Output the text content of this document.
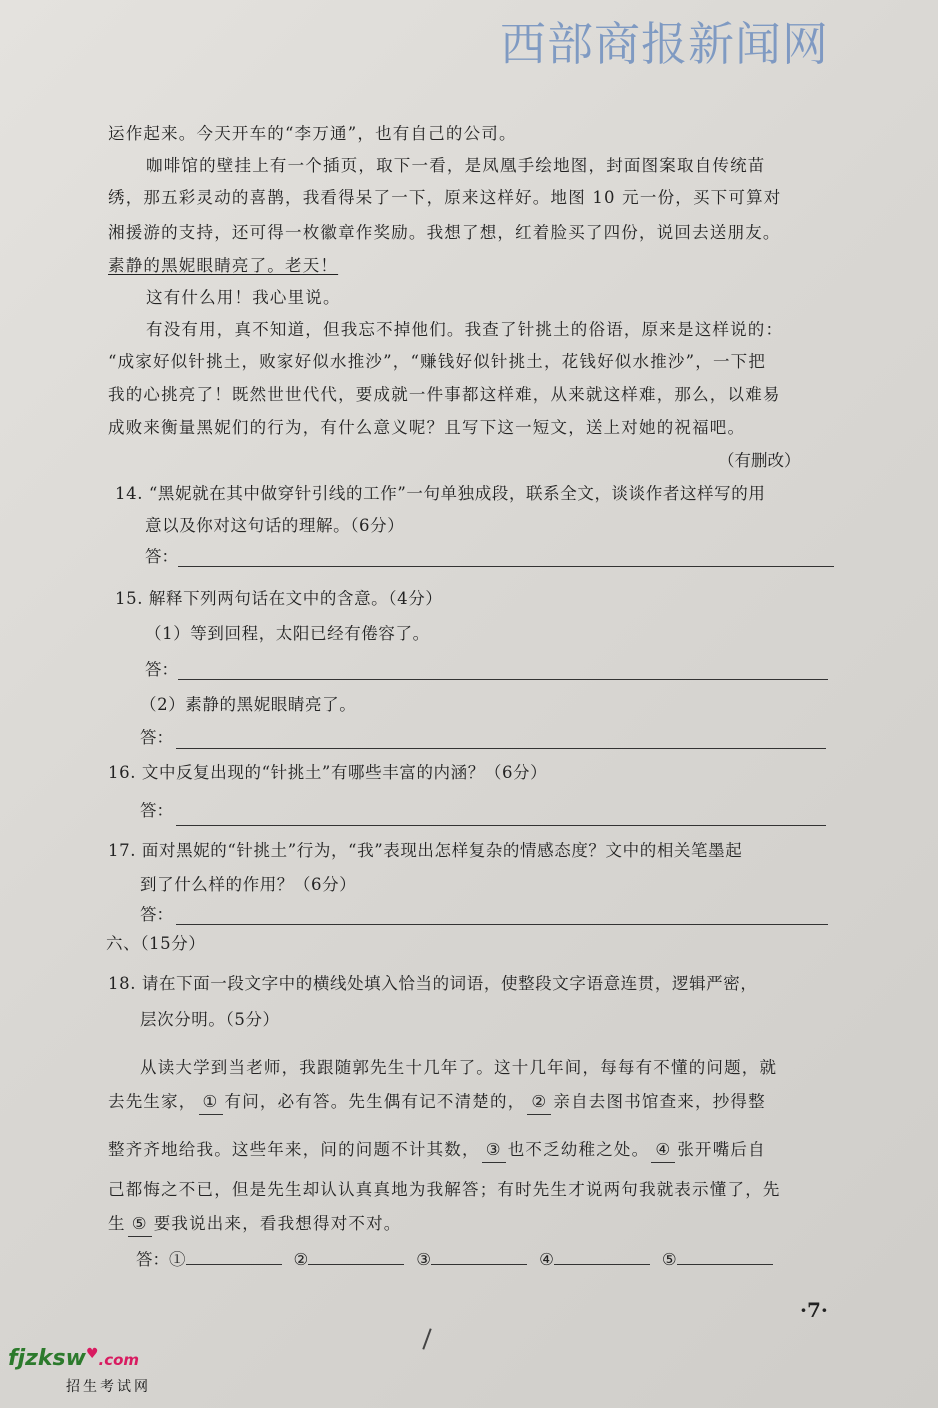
西部商报新闻网
运作起来。今天开车的“李万通”，也有自己的公司。
咖啡馆的壁挂上有一个插页，取下一看，是凤凰手绘地图，封面图案取自传统苗
绣，那五彩灵动的喜鹊，我看得呆了一下，原来这样好。地图 10 元一份，买下可算对
湘援游的支持，还可得一枚徽章作奖励。我想了想，红着脸买了四份，说回去送朋友。
素静的黑妮眼睛亮了。老天！
这有什么用！我心里说。
有没有用，真不知道，但我忘不掉他们。我查了针挑土的俗语，原来是这样说的：
“成家好似针挑土，败家好似水推沙”，“赚钱好似针挑土，花钱好似水推沙”，一下把
我的心挑亮了！既然世世代代，要成就一件事都这样难，从来就这样难，那么，以难易
成败来衡量黑妮们的行为，有什么意义呢？且写下这一短文，送上对她的祝福吧。
（有删改）
14. “黑妮就在其中做穿针引线的工作”一句单独成段，联系全文，谈谈作者这样写的用
意以及你对这句话的理解。（6分）
答：
15. 解释下列两句话在文中的含意。（4分）
（1）等到回程，太阳已经有倦容了。
答：
（2）素静的黑妮眼睛亮了。
答：
16. 文中反复出现的“针挑土”有哪些丰富的内涵？（6分）
答：
17. 面对黑妮的“针挑土”行为，“我”表现出怎样复杂的情感态度？文中的相关笔墨起
到了什么样的作用？（6分）
答：
六、（15分）
18. 请在下面一段文字中的横线处填入恰当的词语，使整段文字语意连贯，逻辑严密，
层次分明。（5分）
从读大学到当老师，我跟随郭先生十几年了。这十几年间，每每有不懂的问题，就
去先生家， ① 有问，必有答。先生偶有记不清楚的， ② 亲自去图书馆查来，抄得整
整齐齐地给我。这些年来，问的问题不计其数， ③ 也不乏幼稚之处。 ④ 张开嘴后自
己都悔之不已，但是先生却认认真真地为我解答；有时先生才说两句我就表示懂了，先
生 ⑤ 要我说出来，看我想得对不对。
答：①	②	③	④	⑤
·7·
fjzksw♥.com
招生考试网
